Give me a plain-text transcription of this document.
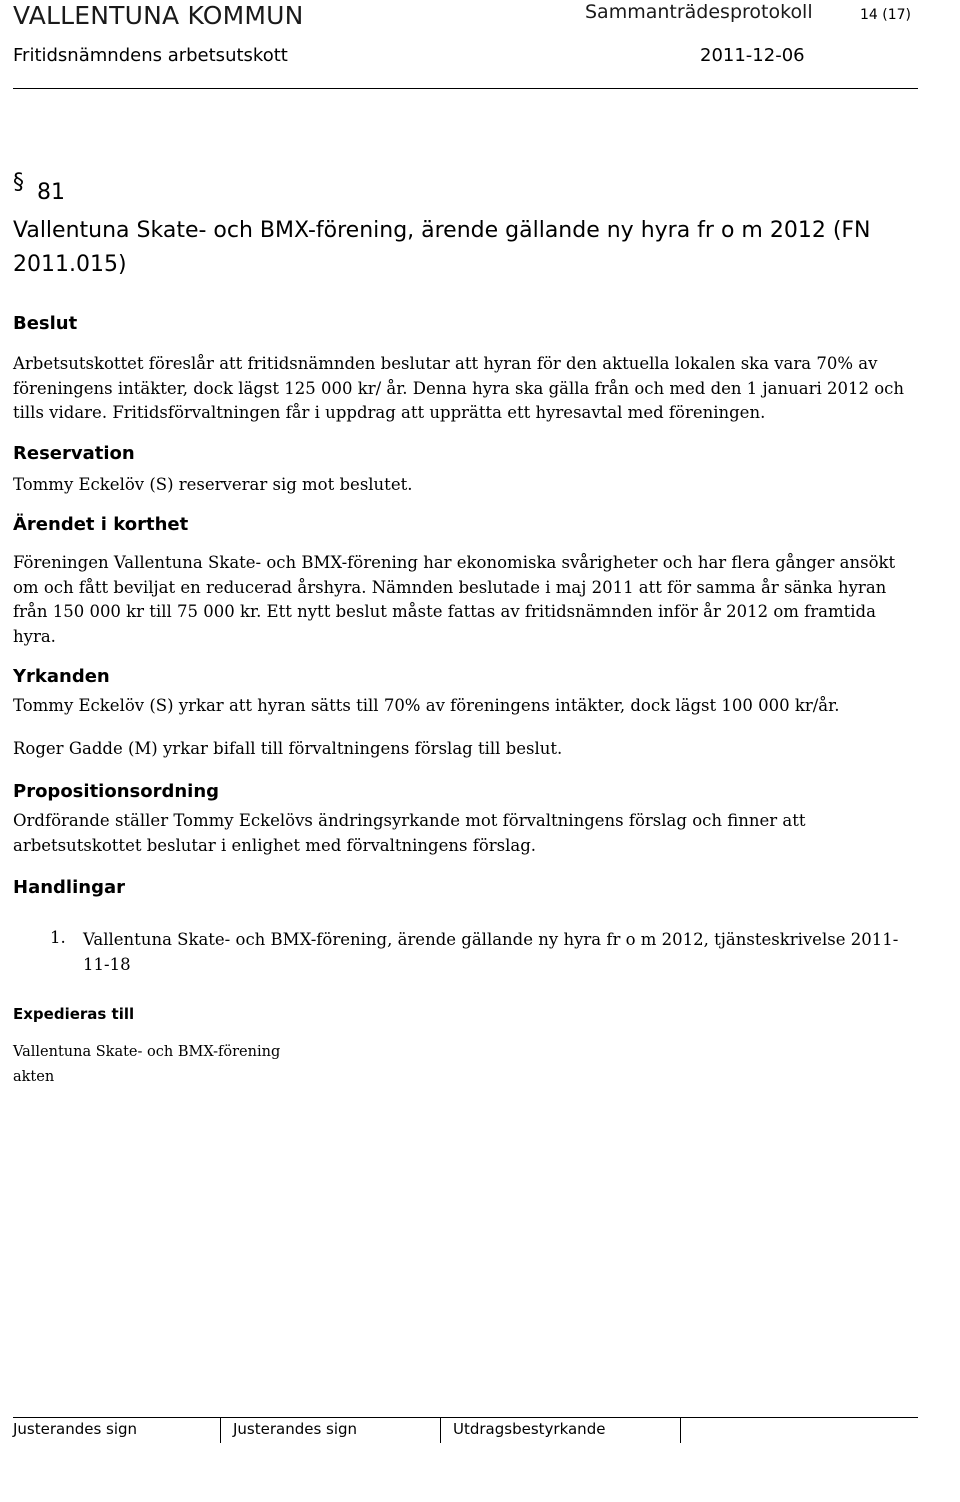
VALLENTUNA KOMMUN	Sammanträdesprotokoll	14 (17)
Fritidsnämndens arbetsutskott	2011-12-06
§ 81
Vallentuna Skate- och BMX-förening, ärende gällande ny hyra fr o m 2012 (FN 2011.015)
Beslut

Arbetsutskottet föreslår att fritidsnämnden beslutar att hyran för den aktuella lokalen ska vara 70% av föreningens intäkter, dock lägst 125 000 kr/ år. Denna hyra ska gälla från och med den 1 januari 2012 och tills vidare. Fritidsförvaltningen får i uppdrag att upprätta ett hyresavtal med föreningen.

Reservation

Tommy Eckelöv (S) reserverar sig mot beslutet.

Ärendet i korthet

Föreningen Vallentuna Skate- och BMX-förening har ekonomiska svårigheter och har flera gånger ansökt om och fått beviljat en reducerad årshyra. Nämnden beslutade i maj 2011 att för samma år sänka hyran från 150 000 kr till 75 000 kr. Ett nytt beslut måste fattas av fritidsnämnden inför år 2012 om framtida hyra.

Yrkanden

Tommy Eckelöv (S) yrkar att hyran sätts till 70% av föreningens intäkter, dock lägst 100 000 kr/år.

Roger Gadde (M) yrkar bifall till förvaltningens förslag till beslut.

Propositionsordning

Ordförande ställer Tommy Eckelövs ändringsyrkande mot förvaltningens förslag och finner att arbetsutskottet beslutar i enlighet med förvaltningens förslag.

Handlingar
1. Vallentuna Skate- och BMX-förening, ärende gällande ny hyra fr o m 2012, tjänsteskrivelse 2011-11-18
Expedieras till
Vallentuna Skate- och BMX-förening
akten
Justerandes sign	Justerandes sign	Utdragsbestyrkande
